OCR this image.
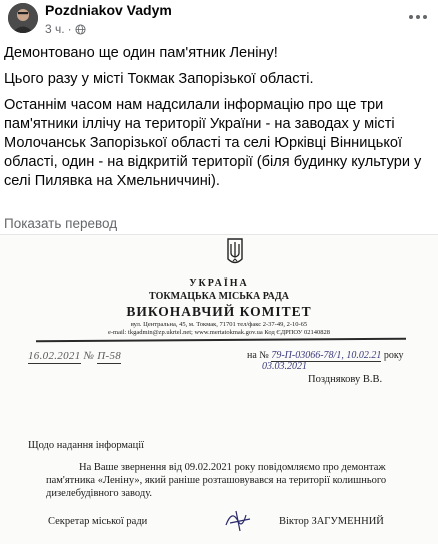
Pozdniakov Vadym
3 ч. ·

Демонтовано ще один пам'ятник Леніну!

Цього разу у місті Токмак Запорізької області.

Останнім часом нам надсилали інформацію про ще три пам'ятники іллічу на території України - на заводах у місті Молочанськ Запорізької області та селі Юрківці Вінницької області, один - на відкритій території (біля будинку культури у селі Пилявка на Хмельниччині).

Показать перевод
УКРАЇНА
ТОКМАЦЬКА МІСЬКА РАДА
ВИКОНАВЧИЙ КОМІТЕТ
вул. Центральна, 45, м. Токмак, 71701 тел/факс 2-37-49, 2-10-65
e-mail: tkgadmin@zp.ukrtel.net; www.mertatokmak.gov.ua Код ЄДРПОУ 02140828
16.02.2021 № П-58	на № 79-П-03066-78/1, 10.02.21 року
03.03.2021
Позднякову В.В.
Щодо надання інформації
На Ваше звернення від 09.02.2021 року повідомляємо про демонтаж
пам'ятника «Леніну», який раніше розташовувався на території колишнього
дизелебудівного заводу.
Секретар міської ради	Віктор ЗАГУМЕННИЙ
